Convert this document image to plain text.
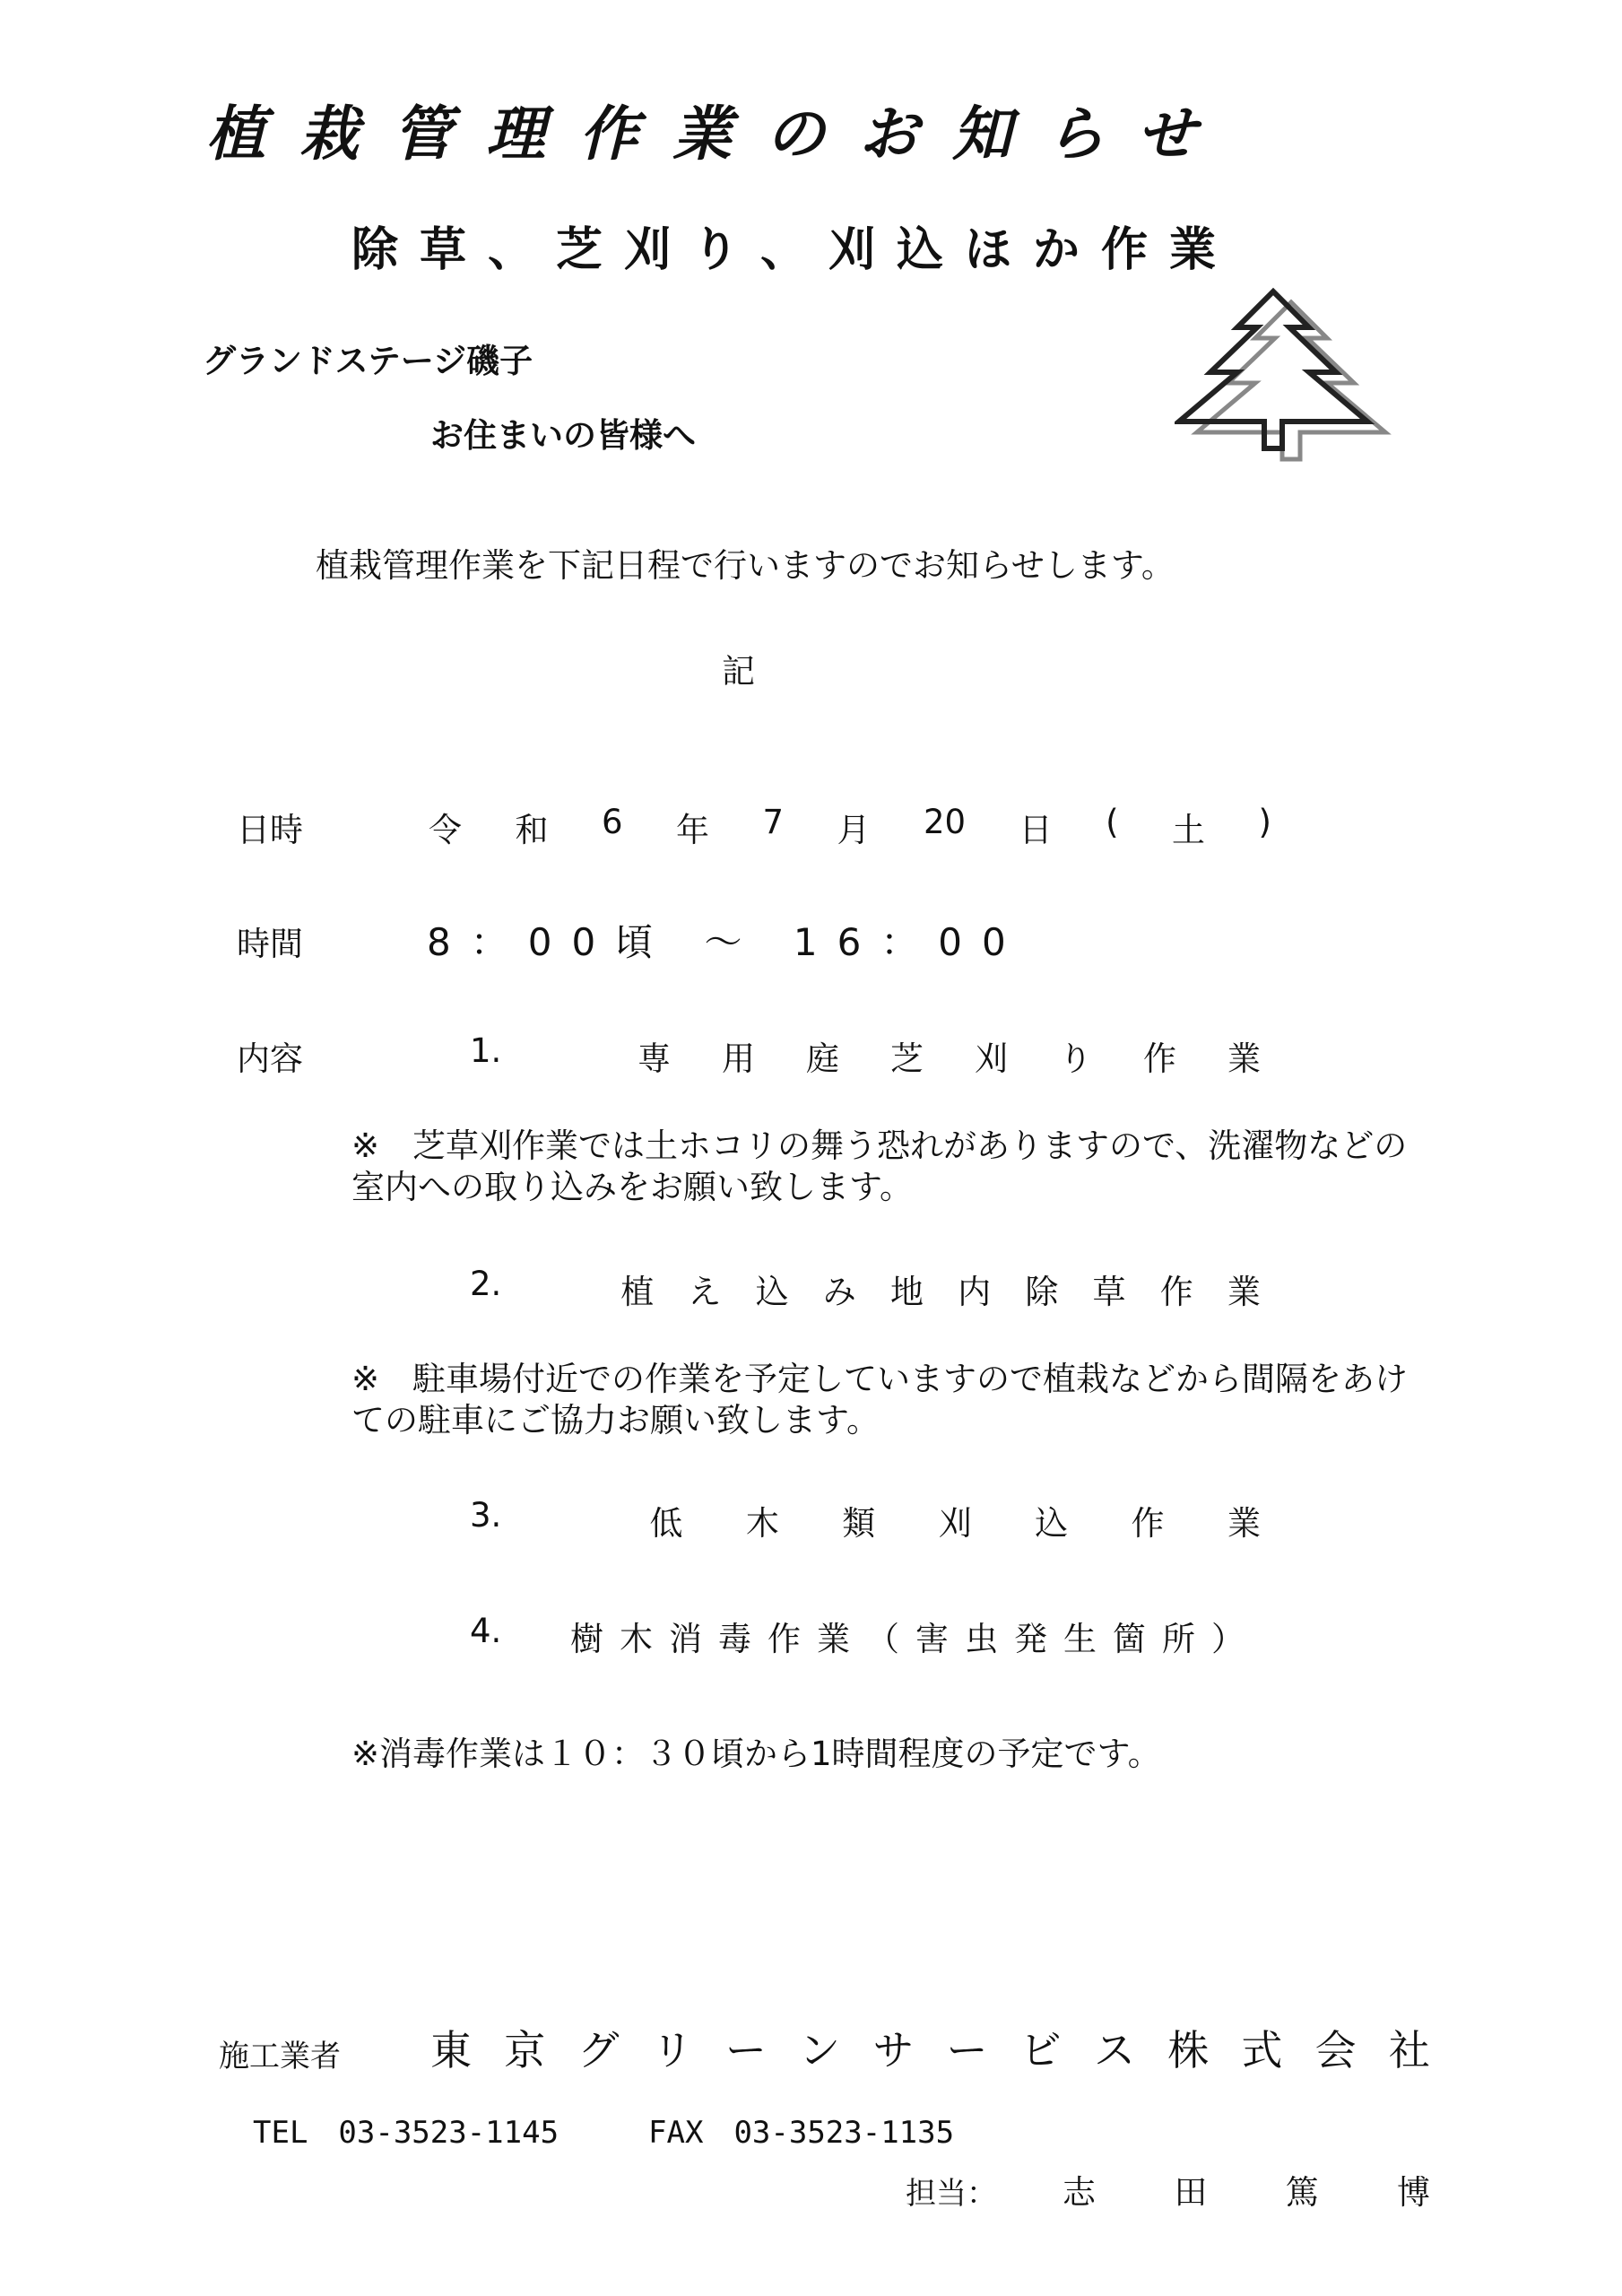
植栽管理作業のお知らせ
除草、芝刈り、刈込ほか作業
グランドステージ磯子
お住まいの皆様へ
植栽管理作業を下記日程で行いますのでお知らせします。
記
日時	令 和 6 年 7 月 20 日 ( 土 )
時間	8：00頃 ～ 16：00
内容	1.	専 用 庭 芝 刈 り 作 業
※　芝草刈作業では土ホコリの舞う恐れがありますので、洗濯物などの室内への取り込みをお願い致します。
2.	植 え 込 み 地 内 除 草 作 業
※　駐車場付近での作業を予定していますので植栽などから間隔をあけての駐車にご協力お願い致します。
3.	低 木 類 刈 込 作 業
4.	樹木消毒作業（害虫発生箇所）
※消毒作業は１０：３０頃から1時間程度の予定です。
施工業者 東 京 グ リ ー ン サ ー ビ ス 株 式 会 社
TEL　03-3523-1145	FAX　03-3523-1135
担当： 志 田 篤 博
